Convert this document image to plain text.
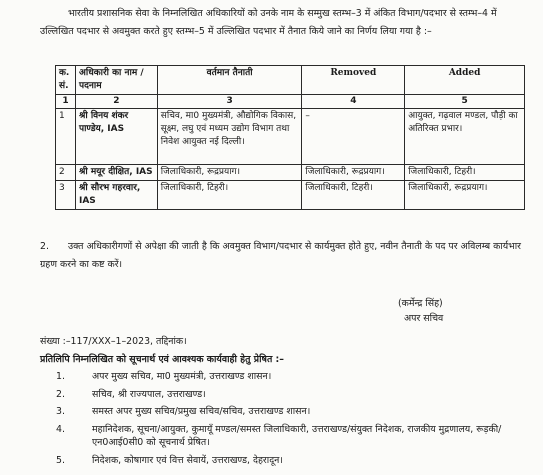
भारतीय प्रशासनिक सेवा के निम्नलिखित अधिकारियों को उनके नाम के सम्मुख स्तम्भ–3 में अंकित विभाग/पदभार से स्तम्भ–4 में उल्लिखित पदभार से अवमुक्त करते हुए स्तम्भ–5 में उल्लिखित पदभार में तैनात किये जाने का निर्णय लिया गया है :–
क. सं.	अधिकारी का नाम /पदनाम	वर्तमान तैनाती	Removed	Added
1	2	3	4	5
1	श्री विनय शंकर पाण्डेय, IAS	सचिव, मा0 मुख्यमंत्री, औद्योगिक विकास, सूक्ष्म, लघु एवं मध्यम उद्योग विभाग तथा निवेश आयुक्त नई दिल्ली।	–	आयुक्त, गढ़वाल मण्डल, पौड़ी का अतिरिक्त प्रभार।
2	श्री मयूर दीक्षित, IAS	जिलाधिकारी, रूद्रप्रयाग।	जिलाधिकारी, रूद्रप्रयाग।	जिलाधिकारी, टिहरी।
3	श्री सौरभ गहरवार, IAS	जिलाधिकारी, टिहरी।	जिलाधिकारी, टिहरी।	जिलाधिकारी, रूद्रप्रयाग।
2. उक्त अधिकारीगणों से अपेक्षा की जाती है कि अवमुक्त विभाग/पदभार से कार्यमुक्त होते हुए, नवीन तैनाती के पद पर अविलम्ब कार्यभार ग्रहण करने का कष्ट करें।
(कर्मेन्द्र सिंह)
अपर सचिव
संख्या :–117/XXX–1–2023, तद्दिनांक।
प्रतिलिपि निम्नलिखित को सूचनार्थ एवं आवश्यक कार्यवाही हेतु प्रेषित :–
1.	अपर मुख्य सचिव, मा0 मुख्यमंत्री, उत्तराखण्ड शासन।
2.	सचिव, श्री राज्यपाल, उत्तराखण्ड।
3.	समस्त अपर मुख्य सचिव/प्रमुख सचिव/सचिव, उत्तराखण्ड शासन।
4.	महानिदेशक, सूचना/आयुक्त, कुमायूँ मण्डल/समस्त जिलाधिकारी, उत्तराखण्ड/संयुक्त निदेशक, राजकीय मुद्रणालय, रूड़की/एन0आई0सी0 को सूचनार्थ प्रेषित।
5.	निदेशक, कोषागार एवं वित्त सेवायें, उत्तराखण्ड, देहरादून।
